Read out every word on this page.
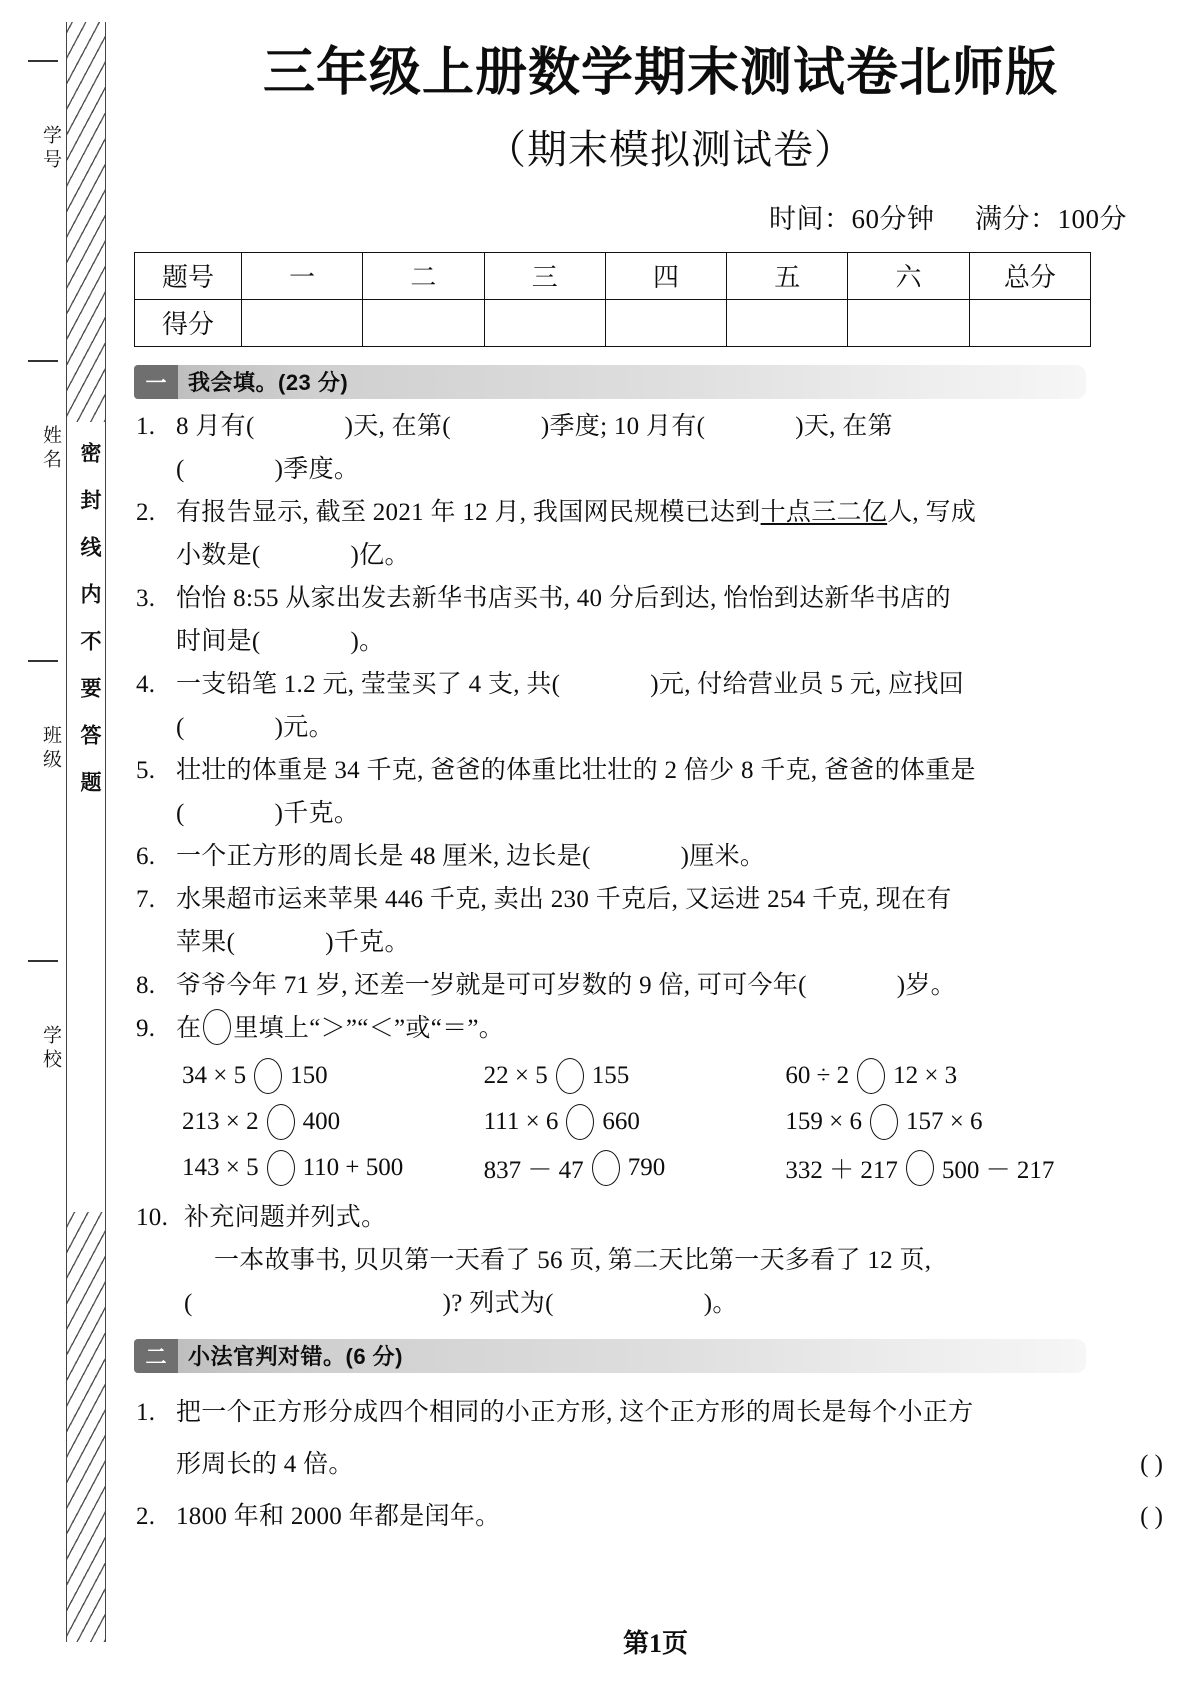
学号
姓名
班级
学校
密封线内不要答题
三年级上册数学期末测试卷北师版
（期末模拟测试卷）
时间：60分钟 满分：100分
题号	一	二	三	四	五	六	总分
得分							
一 我会填。(23 分)
1. 8 月有(	)天, 在第(	)季度; 10 月有(	)天, 在第
(	)季度。
2. 有报告显示, 截至 2021 年 12 月, 我国网民规模已达到十点三二亿人, 写成
小数是(	)亿。
3. 怡怡 8:55 从家出发去新华书店买书, 40 分后到达, 怡怡到达新华书店的
时间是(	)。
4. 一支铅笔 1.2 元, 莹莹买了 4 支, 共(	)元, 付给营业员 5 元, 应找回
(	)元。
5. 壮壮的体重是 34 千克, 爸爸的体重比壮壮的 2 倍少 8 千克, 爸爸的体重是
(	)千克。
6. 一个正方形的周长是 48 厘米, 边长是(	)厘米。
7. 水果超市运来苹果 446 千克, 卖出 230 千克后, 又运进 254 千克, 现在有
苹果(	)千克。
8. 爷爷今年 71 岁, 还差一岁就是可可岁数的 9 倍, 可可今年(	)岁。
9. 在 里填上“＞”“＜”或“＝”。
34 × 5 150	22 × 5 155	60 ÷ 2 12 × 3
213 × 2 400	111 × 6 660	159 × 6 157 × 6
143 × 5 110 + 500	837 － 47 790	332 ＋ 217 500 － 217
10. 补充问题并列式。
一本故事书, 贝贝第一天看了 56 页, 第二天比第一天多看了 12 页,
(	)? 列式为(	)。
二 小法官判对错。(6 分)
1. 把一个正方形分成四个相同的小正方形, 这个正方形的周长是每个小正方
形周长的 4 倍。	( )
2. 1800 年和 2000 年都是闰年。	( )
第1页
